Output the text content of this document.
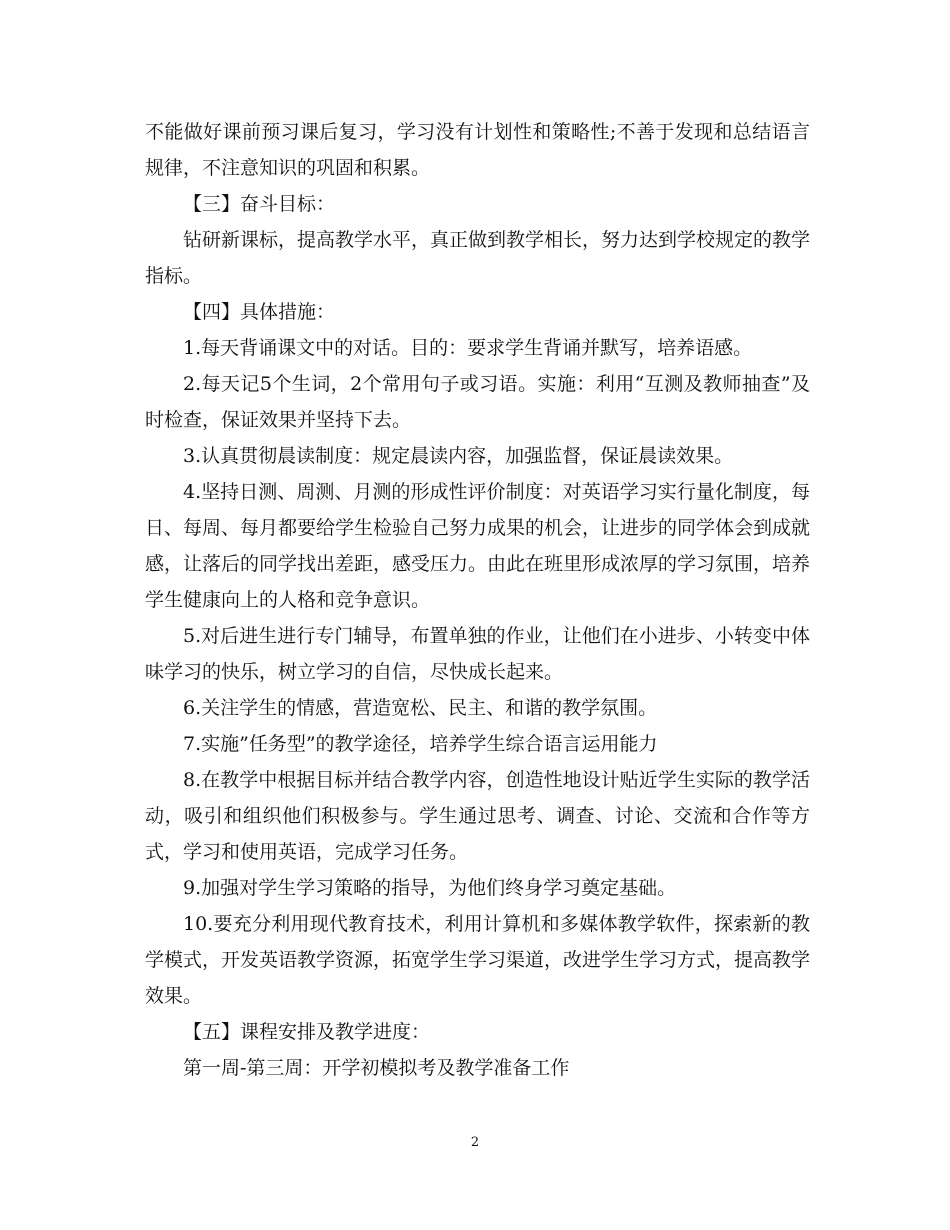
不能做好课前预习课后复习，学习没有计划性和策略性;不善于发现和总结语言规律，不注意知识的巩固和积累。

【三】奋斗目标：

钻研新课标，提高教学水平，真正做到教学相长，努力达到学校规定的教学指标。

【四】具体措施：

1.每天背诵课文中的对话。目的：要求学生背诵并默写，培养语感。

2.每天记5个生词，2个常用句子或习语。实施：利用“互测及教师抽查”及时检查，保证效果并坚持下去。

3.认真贯彻晨读制度：规定晨读内容，加强监督，保证晨读效果。

4.坚持日测、周测、月测的形成性评价制度：对英语学习实行量化制度，每日、每周、每月都要给学生检验自己努力成果的机会，让进步的同学体会到成就感，让落后的同学找出差距，感受压力。由此在班里形成浓厚的学习氛围，培养学生健康向上的人格和竞争意识。

5.对后进生进行专门辅导，布置单独的作业，让他们在小进步、小转变中体味学习的快乐，树立学习的自信，尽快成长起来。

6.关注学生的情感，营造宽松、民主、和谐的教学氛围。

7.实施”任务型”的教学途径，培养学生综合语言运用能力

8.在教学中根据目标并结合教学内容，创造性地设计贴近学生实际的教学活动，吸引和组织他们积极参与。学生通过思考、调查、讨论、交流和合作等方式，学习和使用英语，完成学习任务。

9.加强对学生学习策略的指导，为他们终身学习奠定基础。

10.要充分利用现代教育技术，利用计算机和多媒体教学软件，探索新的教学模式，开发英语教学资源，拓宽学生学习渠道，改进学生学习方式，提高教学效果。

【五】课程安排及教学进度：

第一周-第三周：开学初模拟考及教学准备工作

2
